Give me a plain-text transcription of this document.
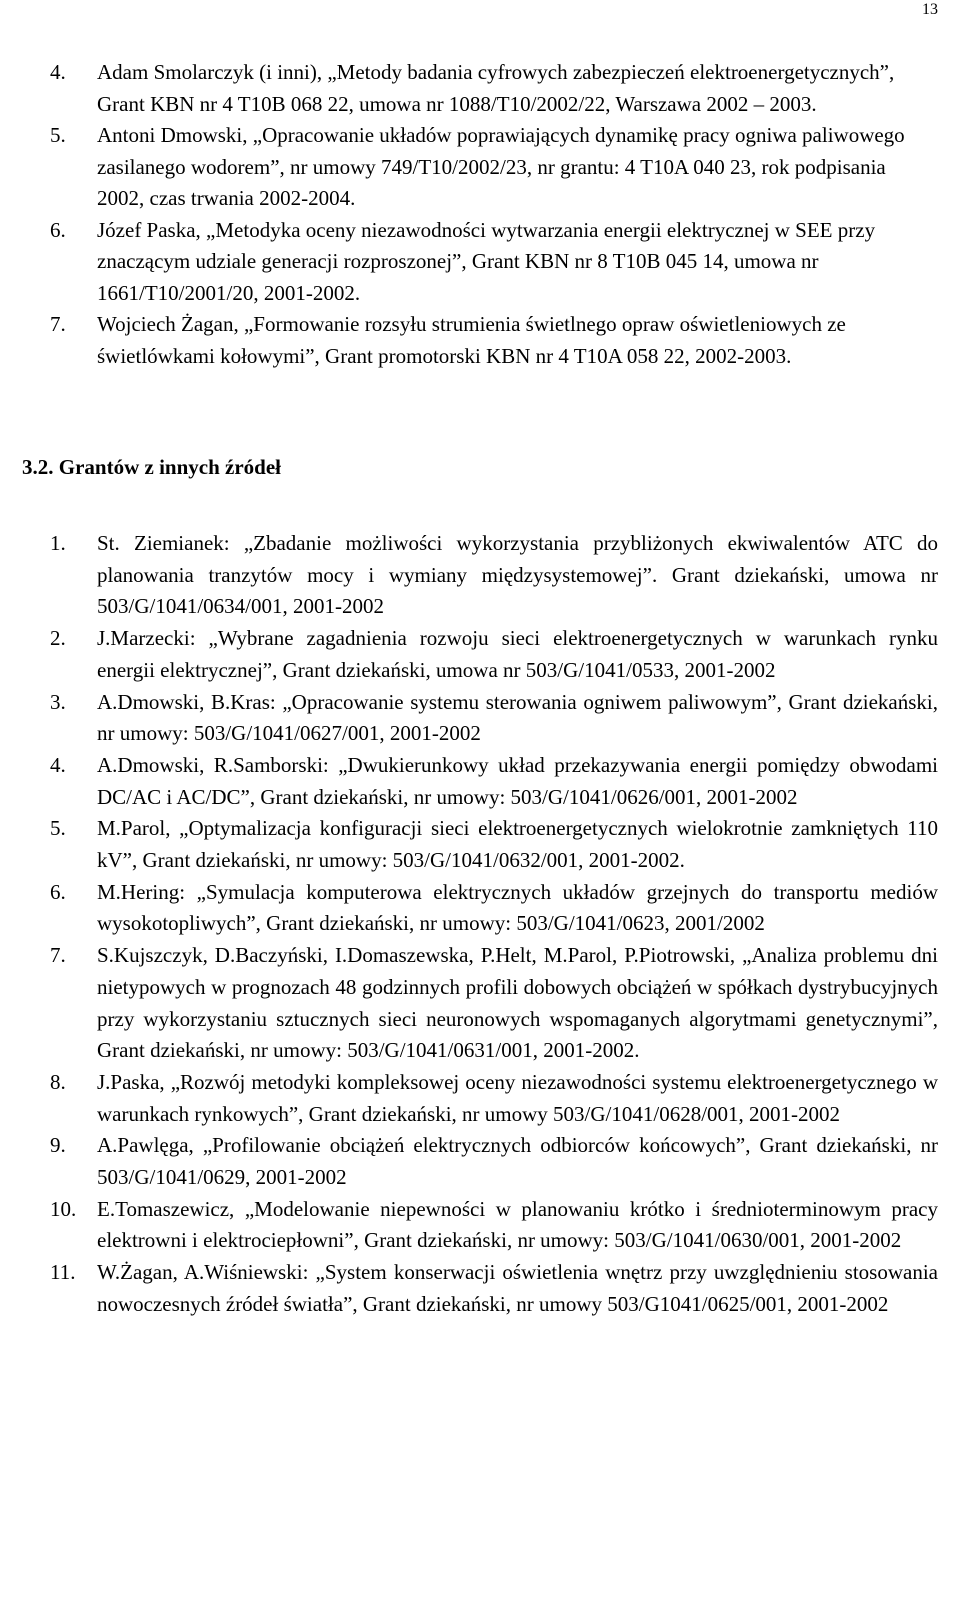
13
4. Adam Smolarczyk (i inni), „Metody badania cyfrowych zabezpieczeń elektroenergetycznych”, Grant KBN nr 4 T10B 068 22, umowa nr 1088/T10/2002/22, Warszawa 2002 – 2003.
5. Antoni Dmowski, „Opracowanie układów poprawiających dynamikę pracy ogniwa paliwowego zasilanego wodorem”, nr umowy 749/T10/2002/23, nr grantu: 4 T10A 040 23, rok podpisania 2002, czas trwania 2002-2004.
6. Józef Paska, „Metodyka oceny niezawodności wytwarzania energii elektrycznej w SEE przy znaczącym udziale generacji rozproszonej”, Grant KBN nr 8 T10B 045 14, umowa nr 1661/T10/2001/20, 2001-2002.
7. Wojciech Żagan, „Formowanie rozsyłu strumienia świetlnego opraw oświetleniowych ze świetlówkami kołowymi”, Grant promotorski KBN nr 4 T10A 058 22, 2002-2003.
3.2. Grantów z innych źródeł
1. St. Ziemianek: „Zbadanie możliwości wykorzystania przybliżonych ekwiwalentów ATC do planowania tranzytów mocy i wymiany międzysystemowej”. Grant dziekański, umowa nr 503/G/1041/0634/001, 2001-2002
2. J.Marzecki: „Wybrane zagadnienia rozwoju sieci elektroenergetycznych w warunkach rynku energii elektrycznej”, Grant dziekański, umowa nr 503/G/1041/0533, 2001-2002
3. A.Dmowski, B.Kras: „Opracowanie systemu sterowania ogniwem paliwowym”, Grant dziekański, nr umowy: 503/G/1041/0627/001, 2001-2002
4. A.Dmowski, R.Samborski: „Dwukierunkowy układ przekazywania energii pomiędzy obwodami DC/AC i AC/DC”, Grant dziekański, nr umowy: 503/G/1041/0626/001, 2001-2002
5. M.Parol, „Optymalizacja konfiguracji sieci elektroenergetycznych wielokrotnie zamkniętych 110 kV”, Grant dziekański, nr umowy: 503/G/1041/0632/001, 2001-2002.
6. M.Hering: „Symulacja komputerowa elektrycznych układów grzejnych do transportu mediów wysokotopliwych”, Grant dziekański, nr umowy: 503/G/1041/0623, 2001/2002
7. S.Kujszczyk, D.Baczyński, I.Domaszewska, P.Helt, M.Parol, P.Piotrowski, „Analiza problemu dni nietypowych w prognozach 48 godzinnych profili dobowych obciążeń w spółkach dystrybucyjnych przy wykorzystaniu sztucznych sieci neuronowych wspomaganych algorytmami genetycznymi”, Grant dziekański, nr umowy: 503/G/1041/0631/001, 2001-2002.
8. J.Paska, „Rozwój metodyki kompleksowej oceny niezawodności systemu elektroenergetycznego w warunkach rynkowych”, Grant dziekański, nr umowy 503/G/1041/0628/001, 2001-2002
9. A.Pawlęga, „Profilowanie obciążeń elektrycznych odbiorców końcowych”, Grant dziekański, nr 503/G/1041/0629, 2001-2002
10. E.Tomaszewicz, „Modelowanie niepewności w planowaniu krótko i średnioterminowym pracy elektrowni i elektrociepłowni”, Grant dziekański, nr umowy: 503/G/1041/0630/001, 2001-2002
11. W.Żagan, A.Wiśniewski: „System konserwacji oświetlenia wnętrz przy uwzględnieniu stosowania nowoczesnych źródeł światła”, Grant dziekański, nr umowy 503/G1041/0625/001, 2001-2002
